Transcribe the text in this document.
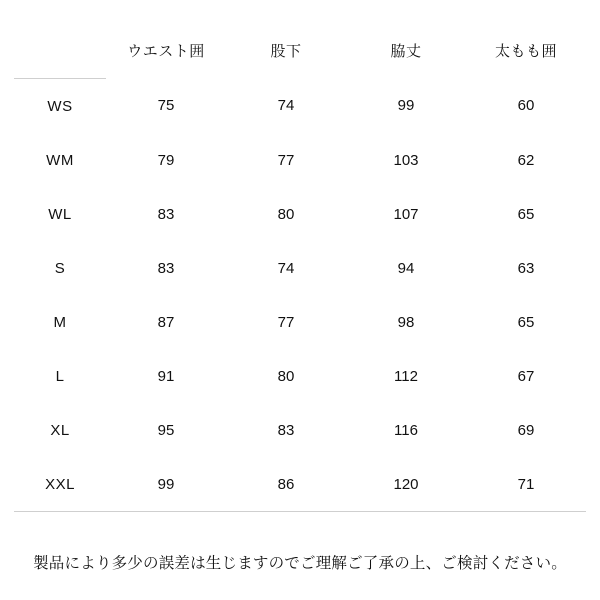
	ウエスト囲	股下	脇丈	太もも囲
WS	75	74	99	60
WM	79	77	103	62
WL	83	80	107	65
S	83	74	94	63
M	87	77	98	65
L	91	80	112	67
XL	95	83	116	69
XXL	99	86	120	71
製品により多少の誤差は生じますのでご理解ご了承の上、ご検討ください。
